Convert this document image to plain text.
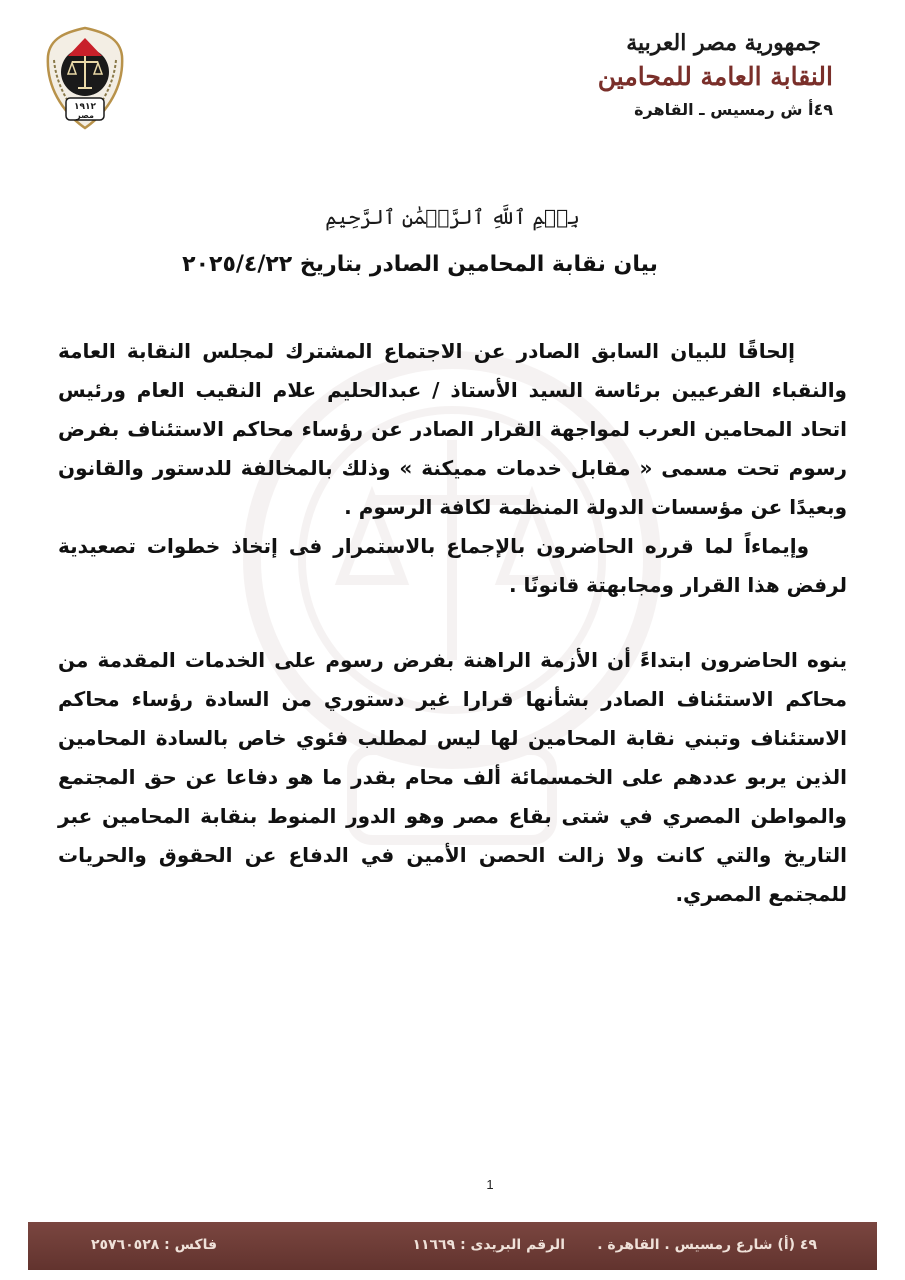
جمهورية مصر العربية
النقابة العامة للمحامين
٤٩أ ش رمسيس ـ القاهرة
١٩١٢
مصر
بِسۡمِ ٱللَّهِ ٱلرَّحۡمَٰنِ ٱلرَّحِيمِ
بيان نقابة المحامين الصادر بتاريخ ٢٠٢٥/٤/٢٢

إلحاقًا للبيان السابق الصادر عن الاجتماع المشترك لمجلس النقابة العامة والنقباء الفرعيين برئاسة السيد الأستاذ / عبدالحليم علام النقيب العام ورئيس اتحاد المحامين العرب لمواجهة القرار الصادر عن رؤساء محاكم الاستئناف بفرض رسوم تحت مسمى « مقابل خدمات مميكنة » وذلك بالمخالفة للدستور والقانون وبعيدًا عن مؤسسات الدولة المنظمة لكافة الرسوم .

وإيماءاً لما قرره الحاضرون بالإجماع بالاستمرار فى إتخاذ خطوات تصعيدية لرفض هذا القرار ومجابهتة قانونًا .

ينوه الحاضرون ابتداءً أن الأزمة الراهنة بفرض رسوم على الخدمات المقدمة من محاكم الاستئناف الصادر بشأنها قرارا غير دستوري من السادة رؤساء محاكم الاستئناف وتبني نقابة المحامين لها ليس لمطلب فئوي خاص بالسادة المحامين الذين يربو عددهم على الخمسمائة ألف محام بقدر ما هو دفاعا عن حق المجتمع والمواطن المصري في شتى بقاع مصر وهو الدور المنوط بنقابة المحامين عبر التاريخ والتي كانت ولا زالت الحصن الأمين في الدفاع عن الحقوق والحريات للمجتمع المصري.

1
٤٩ (أ) شارع رمسيس . القاهرة .
الرقم البريدى : ١١٦٦٩
فاكس : ٢٥٧٦٠٥٢٨
